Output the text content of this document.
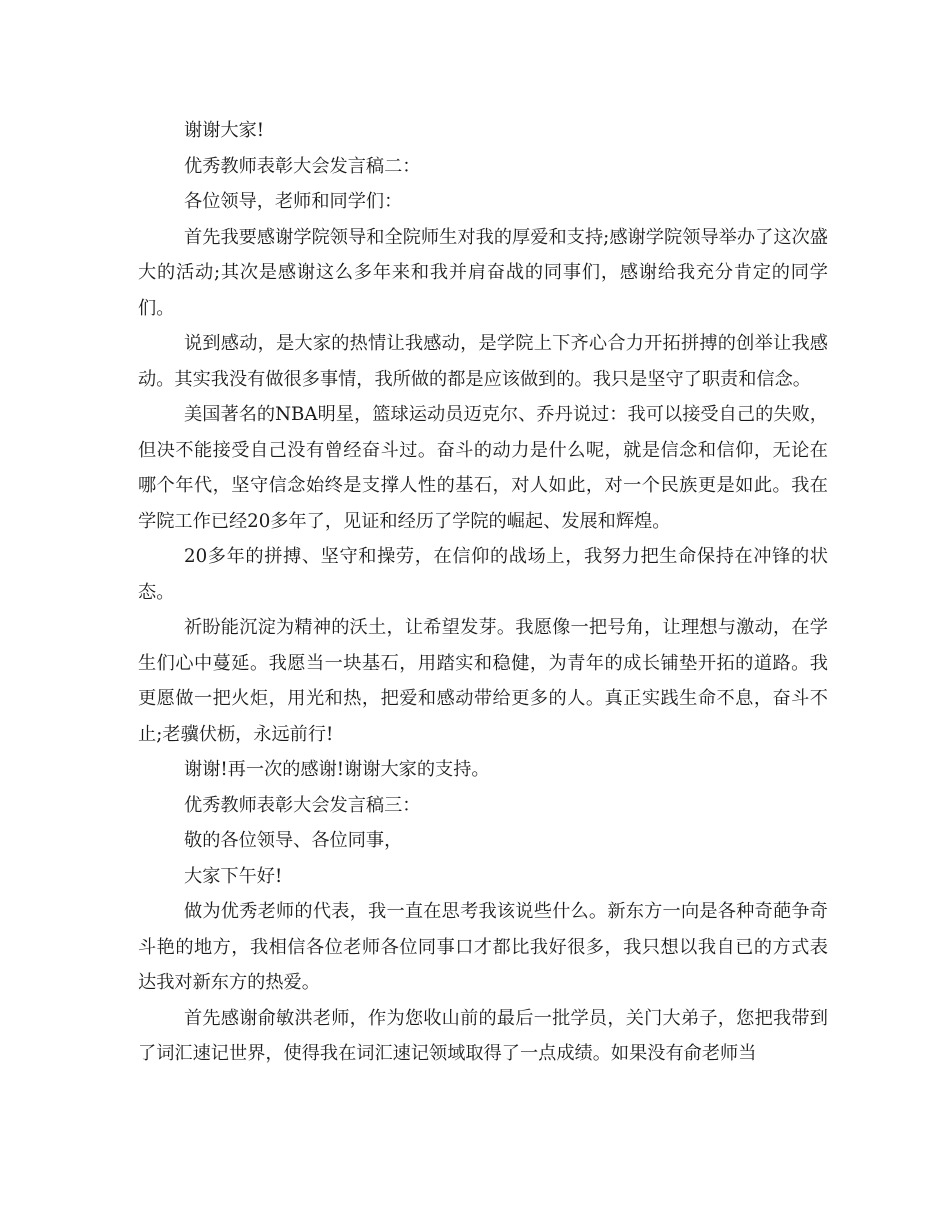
谢谢大家!

优秀教师表彰大会发言稿二：

各位领导，老师和同学们：

首先我要感谢学院领导和全院师生对我的厚爱和支持;感谢学院领导举办了这次盛大的活动;其次是感谢这么多年来和我并肩奋战的同事们，感谢给我充分肯定的同学们。

说到感动，是大家的热情让我感动，是学院上下齐心合力开拓拼搏的创举让我感动。其实我没有做很多事情，我所做的都是应该做到的。我只是坚守了职责和信念。

美国著名的NBA明星，篮球运动员迈克尔、乔丹说过：我可以接受自己的失败，但决不能接受自己没有曾经奋斗过。奋斗的动力是什么呢，就是信念和信仰，无论在哪个年代，坚守信念始终是支撑人性的基石，对人如此，对一个民族更是如此。我在学院工作已经20多年了，见证和经历了学院的崛起、发展和辉煌。

20多年的拼搏、坚守和操劳，在信仰的战场上，我努力把生命保持在冲锋的状态。

祈盼能沉淀为精神的沃土，让希望发芽。我愿像一把号角，让理想与激动，在学生们心中蔓延。我愿当一块基石，用踏实和稳健，为青年的成长铺垫开拓的道路。我更愿做一把火炬，用光和热，把爱和感动带给更多的人。真正实践生命不息，奋斗不止;老骥伏枥，永远前行!

谢谢!再一次的感谢!谢谢大家的支持。

优秀教师表彰大会发言稿三：

敬的各位领导、各位同事，

大家下午好!

做为优秀老师的代表，我一直在思考我该说些什么。新东方一向是各种奇葩争奇斗艳的地方，我相信各位老师各位同事口才都比我好很多，我只想以我自已的方式表达我对新东方的热爱。

首先感谢俞敏洪老师，作为您收山前的最后一批学员，关门大弟子，您把我带到了词汇速记世界，使得我在词汇速记领域取得了一点成绩。如果没有俞老师当
